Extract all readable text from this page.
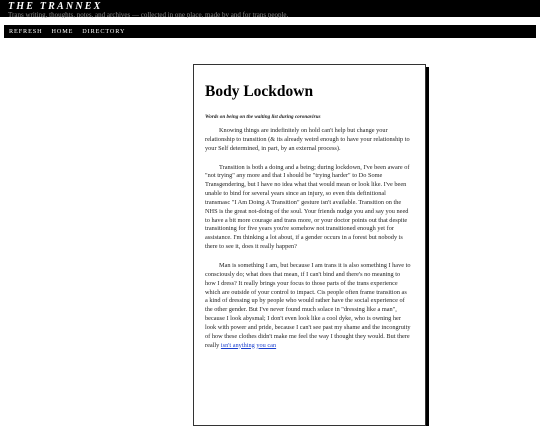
THE TRANNEX
Trans writing, thoughts, notes, and archives — collected in one place, made by and for trans people.
REFRESH HOME DIRECTORY
Body Lockdown

Words on being on the waiting list during coronavirus

Knowing things are indefinitely on hold can't help but change your relationship to transition (& its already weird enough to have your relationship to your Self determined, in part, by an external process).

Transition is both a doing and a being; during lockdown, I've been aware of "not trying" any more and that I should be "trying harder" to Do Some Transgendering, but I have no idea what that would mean or look like. I've been unable to bind for several years since an injury, so even this definitional transmasc "I Am Doing A Transition" gesture isn't available. Transition on the NHS is the great not-doing of the soul. Your friends nudge you and say you need to have a bit more courage and trans more, or your doctor points out that despite transitioning for five years you're somehow not transitioned enough yet for assistance. I'm thinking a lot about, if a gender occurs in a forest but nobody is there to see it, does it really happen?

Man is something I am, but because I am trans it is also something I have to consciously do; what does that mean, if I can't bind and there's no meaning to how I dress? It really brings your focus to those parts of the trans experience which are outside of your control to impact. Cis people often frame transition as a kind of dressing up by people who would rather have the social experience of the other gender. But I've never found much solace in "dressing like a man", because I look abysmal; I don't even look like a cool dyke, who is owning her look with power and pride, because I can't see past my shame and the incongruity of how these clothes didn't make me feel the way I thought they would. But there really isn't anything you can
